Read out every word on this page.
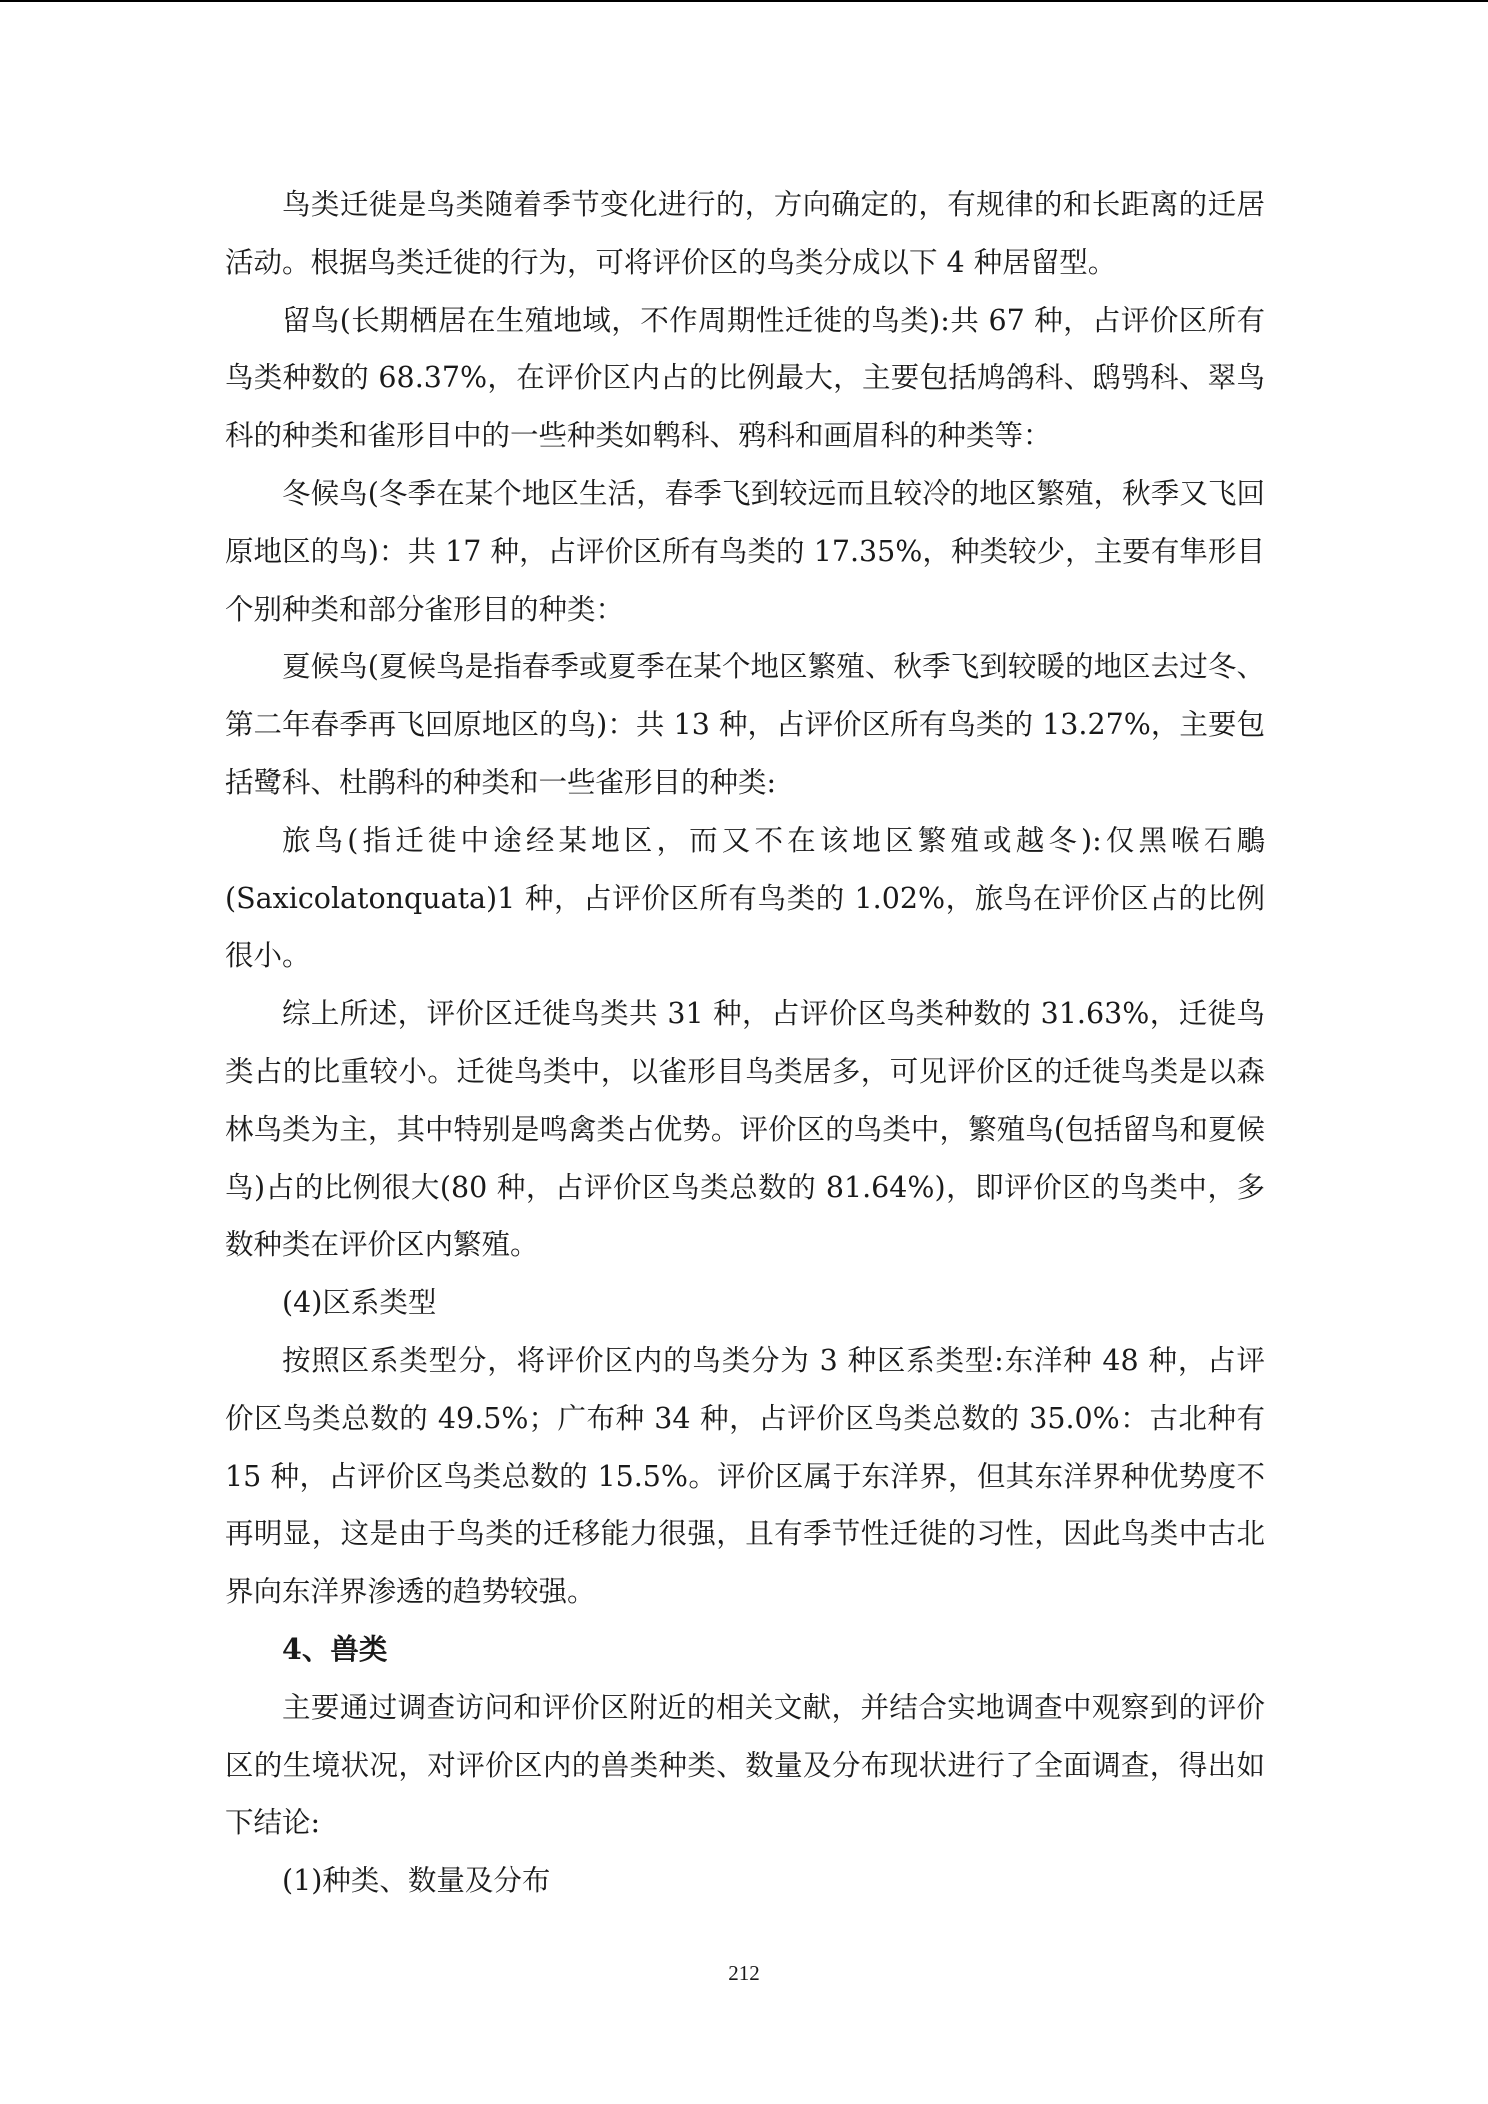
鸟类迁徙是鸟类随着季节变化进行的，方向确定的，有规律的和长距离的迁居活动。根据鸟类迁徙的行为，可将评价区的鸟类分成以下 4 种居留型。

留鸟(长期栖居在生殖地域，不作周期性迁徙的鸟类):共 67 种，占评价区所有鸟类种数的 68.37%，在评价区内占的比例最大，主要包括鸠鸽科、鸱鸮科、翠鸟科的种类和雀形目中的一些种类如鹎科、鸦科和画眉科的种类等：

冬候鸟(冬季在某个地区生活，春季飞到较远而且较冷的地区繁殖，秋季又飞回原地区的鸟)：共 17 种，占评价区所有鸟类的 17.35%，种类较少，主要有隼形目个别种类和部分雀形目的种类：

夏候鸟(夏候鸟是指春季或夏季在某个地区繁殖、秋季飞到较暖的地区去过冬、第二年春季再飞回原地区的鸟)：共 13 种，占评价区所有鸟类的 13.27%，主要包括鹭科、杜鹃科的种类和一些雀形目的种类:

旅鸟(指迁徙中途经某地区，而又不在该地区繁殖或越冬):仅黑喉石鵰(Saxicolatonquata)1 种，占评价区所有鸟类的 1.02%，旅鸟在评价区占的比例很小。

综上所述，评价区迁徙鸟类共 31 种，占评价区鸟类种数的 31.63%，迁徙鸟类占的比重较小。迁徙鸟类中，以雀形目鸟类居多，可见评价区的迁徙鸟类是以森林鸟类为主，其中特别是鸣禽类占优势。评价区的鸟类中，繁殖鸟(包括留鸟和夏候鸟)占的比例很大(80 种，占评价区鸟类总数的 81.64%)，即评价区的鸟类中，多数种类在评价区内繁殖。

(4)区系类型

按照区系类型分，将评价区内的鸟类分为 3 种区系类型:东洋种 48 种，占评价区鸟类总数的 49.5%；广布种 34 种，占评价区鸟类总数的 35.0%：古北种有 15 种，占评价区鸟类总数的 15.5%。评价区属于东洋界，但其东洋界种优势度不再明显，这是由于鸟类的迁移能力很强，且有季节性迁徙的习性，因此鸟类中古北界向东洋界渗透的趋势较强。

4、兽类

主要通过调查访问和评价区附近的相关文献，并结合实地调查中观察到的评价区的生境状况，对评价区内的兽类种类、数量及分布现状进行了全面调查，得出如下结论:

(1)种类、数量及分布

212
